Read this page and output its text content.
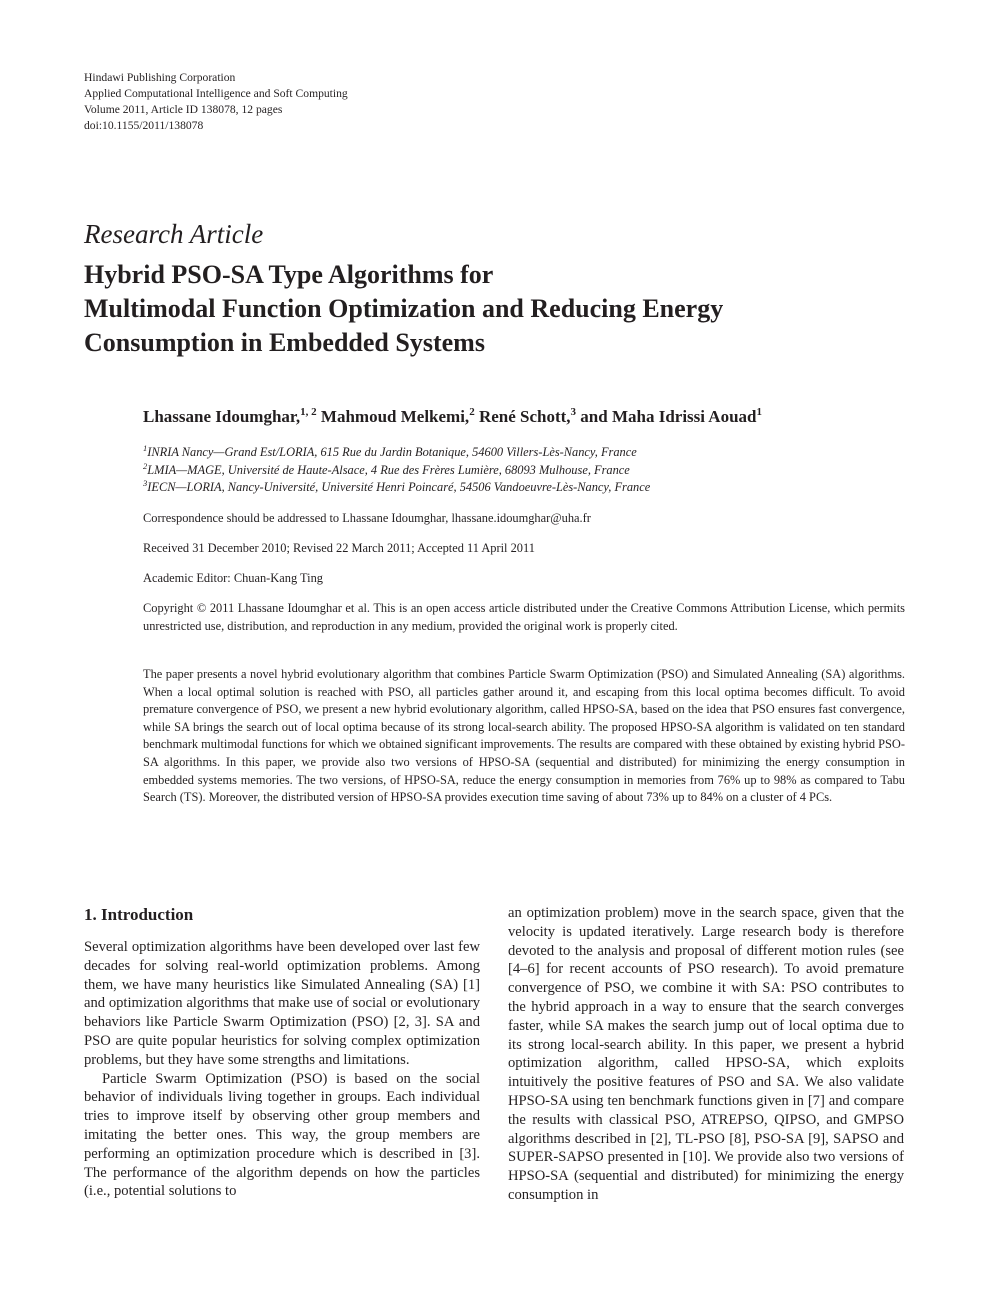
Hindawi Publishing Corporation
Applied Computational Intelligence and Soft Computing
Volume 2011, Article ID 138078, 12 pages
doi:10.1155/2011/138078
Research Article
Hybrid PSO-SA Type Algorithms for
Multimodal Function Optimization and Reducing Energy
Consumption in Embedded Systems
Lhassane Idoumghar,$^{1, 2}$ Mahmoud Melkemi,$^2$ René Schott,$^3$ and Maha Idrissi Aouad$^1$
$^1$INRIA Nancy—Grand Est/LORIA, 615 Rue du Jardin Botanique, 54600 Villers-Lès-Nancy, France
$^2$LMIA—MAGE, Université de Haute-Alsace, 4 Rue des Frères Lumière, 68093 Mulhouse, France
$^3$IECN—LORIA, Nancy-Université, Université Henri Poincaré, 54506 Vandoeuvre-Lès-Nancy, France
Correspondence should be addressed to Lhassane Idoumghar, lhassane.idoumghar@uha.fr
Received 31 December 2010; Revised 22 March 2011; Accepted 11 April 2011
Academic Editor: Chuan-Kang Ting
Copyright © 2011 Lhassane Idoumghar et al. This is an open access article distributed under the Creative Commons Attribution License, which permits unrestricted use, distribution, and reproduction in any medium, provided the original work is properly cited.
The paper presents a novel hybrid evolutionary algorithm that combines Particle Swarm Optimization (PSO) and Simulated Annealing (SA) algorithms. When a local optimal solution is reached with PSO, all particles gather around it, and escaping from this local optima becomes difficult. To avoid premature convergence of PSO, we present a new hybrid evolutionary algorithm, called HPSO-SA, based on the idea that PSO ensures fast convergence, while SA brings the search out of local optima because of its strong local-search ability. The proposed HPSO-SA algorithm is validated on ten standard benchmark multimodal functions for which we obtained significant improvements. The results are compared with these obtained by existing hybrid PSO-SA algorithms. In this paper, we provide also two versions of HPSO-SA (sequential and distributed) for minimizing the energy consumption in embedded systems memories. The two versions, of HPSO-SA, reduce the energy consumption in memories from 76% up to 98% as compared to Tabu Search (TS). Moreover, the distributed version of HPSO-SA provides execution time saving of about 73% up to 84% on a cluster of 4 PCs.
1. Introduction

Several optimization algorithms have been developed over last few decades for solving real-world optimization problems. Among them, we have many heuristics like Simulated Annealing (SA) [1] and optimization algorithms that make use of social or evolutionary behaviors like Particle Swarm Optimization (PSO) [2, 3]. SA and PSO are quite popular heuristics for solving complex optimization problems, but they have some strengths and limitations.

Particle Swarm Optimization (PSO) is based on the social behavior of individuals living together in groups. Each individual tries to improve itself by observing other group members and imitating the better ones. This way, the group members are performing an optimization procedure which is described in [3]. The performance of the algorithm depends on how the particles (i.e., potential solutions to

an optimization problem) move in the search space, given that the velocity is updated iteratively. Large research body is therefore devoted to the analysis and proposal of different motion rules (see [4–6] for recent accounts of PSO research). To avoid premature convergence of PSO, we combine it with SA: PSO contributes to the hybrid approach in a way to ensure that the search converges faster, while SA makes the search jump out of local optima due to its strong local-search ability. In this paper, we present a hybrid optimization algorithm, called HPSO-SA, which exploits intuitively the positive features of PSO and SA. We also validate HPSO-SA using ten benchmark functions given in [7] and compare the results with classical PSO, ATREPSO, QIPSO, and GMPSO algorithms described in [2], TL-PSO [8], PSO-SA [9], SAPSO and SUPER-SAPSO presented in [10]. We provide also two versions of HPSO-SA (sequential and distributed) for minimizing the energy consumption in
